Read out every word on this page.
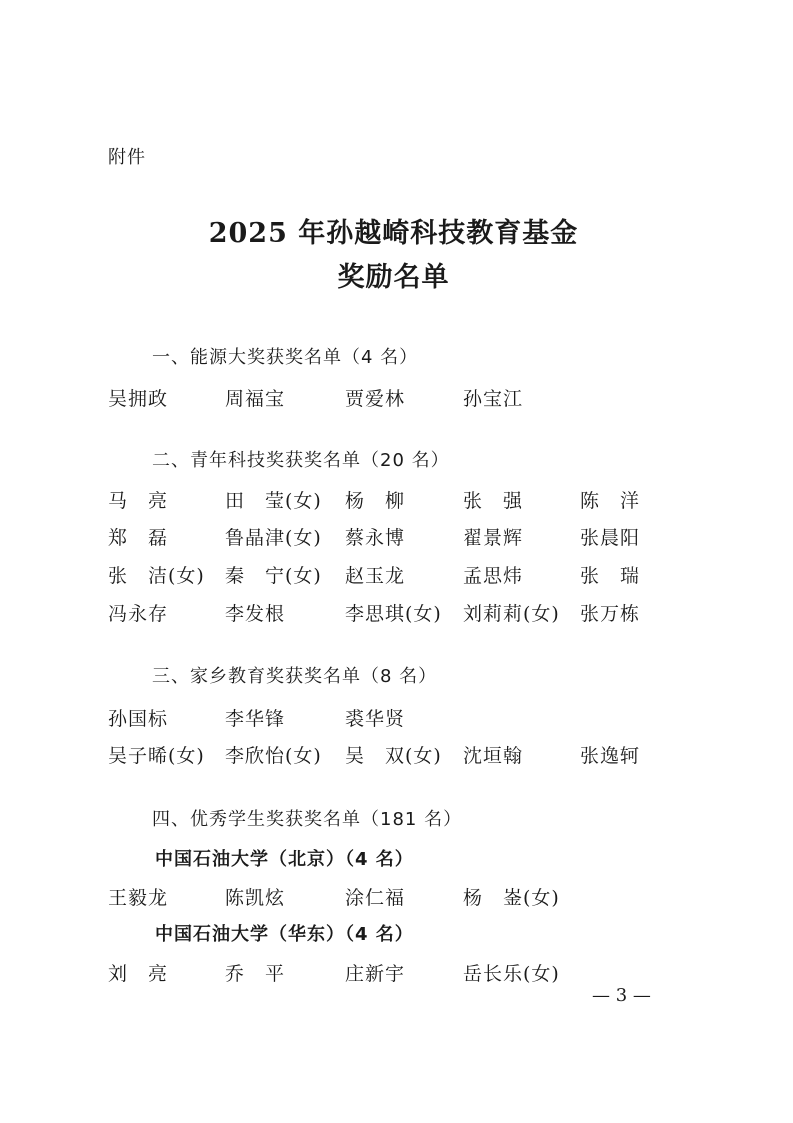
附件
2025 年孙越崎科技教育基金
奖励名单
一、能源大奖获奖名单（4 名）
吴拥政	周福宝	贾爱林	孙宝江
二、青年科技奖获奖名单（20 名）
马　亮	田　莹(女) 杨　柳	张　强	陈　洋
郑　磊	鲁晶津(女) 蔡永博	翟景辉	张晨阳
张　洁(女) 秦　宁(女) 赵玉龙	孟思炜	张　瑞
冯永存	李发根	李思琪(女) 刘莉莉(女) 张万栋
三、家乡教育奖获奖名单（8 名）
孙国标	李华锋	裘华贤
吴子晞(女) 李欣怡(女) 吴　双(女) 沈垣翰	张逸轲
四、优秀学生奖获奖名单（181 名）
中国石油大学（北京）（4 名）
王毅龙	陈凯炫	涂仁福	杨　崟(女)
中国石油大学（华东）（4 名）
刘　亮	乔　平	庄新宇	岳长乐(女)
— 3 —
